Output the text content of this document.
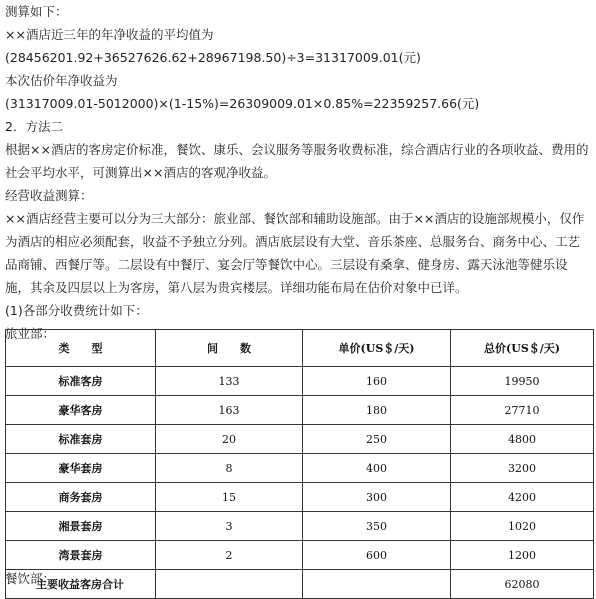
测算如下：
××酒店近三年的年净收益的平均值为
(28456201.92+36527626.62+28967198.50)÷3=31317009.01(元)
本次估价年净收益为
(31317009.01-5012000)×(1-15%)=26309009.01×0.85%=22359257.66(元)
2．方法二
根据××酒店的客房定价标准，餐饮、康乐、会议服务等服务收费标准，综合酒店行业的各项收益、费用的社会平均水平，可测算出××酒店的客观净收益。
经营收益测算：
××酒店经营主要可以分为三大部分：旅业部、餐饮部和辅助设施部。由于××酒店的设施部规模小，仅作为酒店的相应必须配套，收益不予独立分列。酒店底层设有大堂、音乐茶座、总服务台、商务中心、工艺品商铺、西餐厅等。二层设有中餐厅、宴会厅等餐饮中心。三层设有桑拿、健身房、露天泳池等健乐设施，其余及四层以上为客房，第八层为贵宾楼层。详细功能布局在估价对象中已详。
(1)各部分收费统计如下：
旅业部：
类　　型	间　　数	单价(US＄/天)	总价(US＄/天)
标准客房	133	160	19950
豪华客房	163	180	27710
标准套房	20	250	4800
豪华套房	8	400	3200
商务套房	15	300	4200
湘景套房	3	350	1020
湾景套房	2	600	1200
主要收益客房合计			62080
餐饮部：
